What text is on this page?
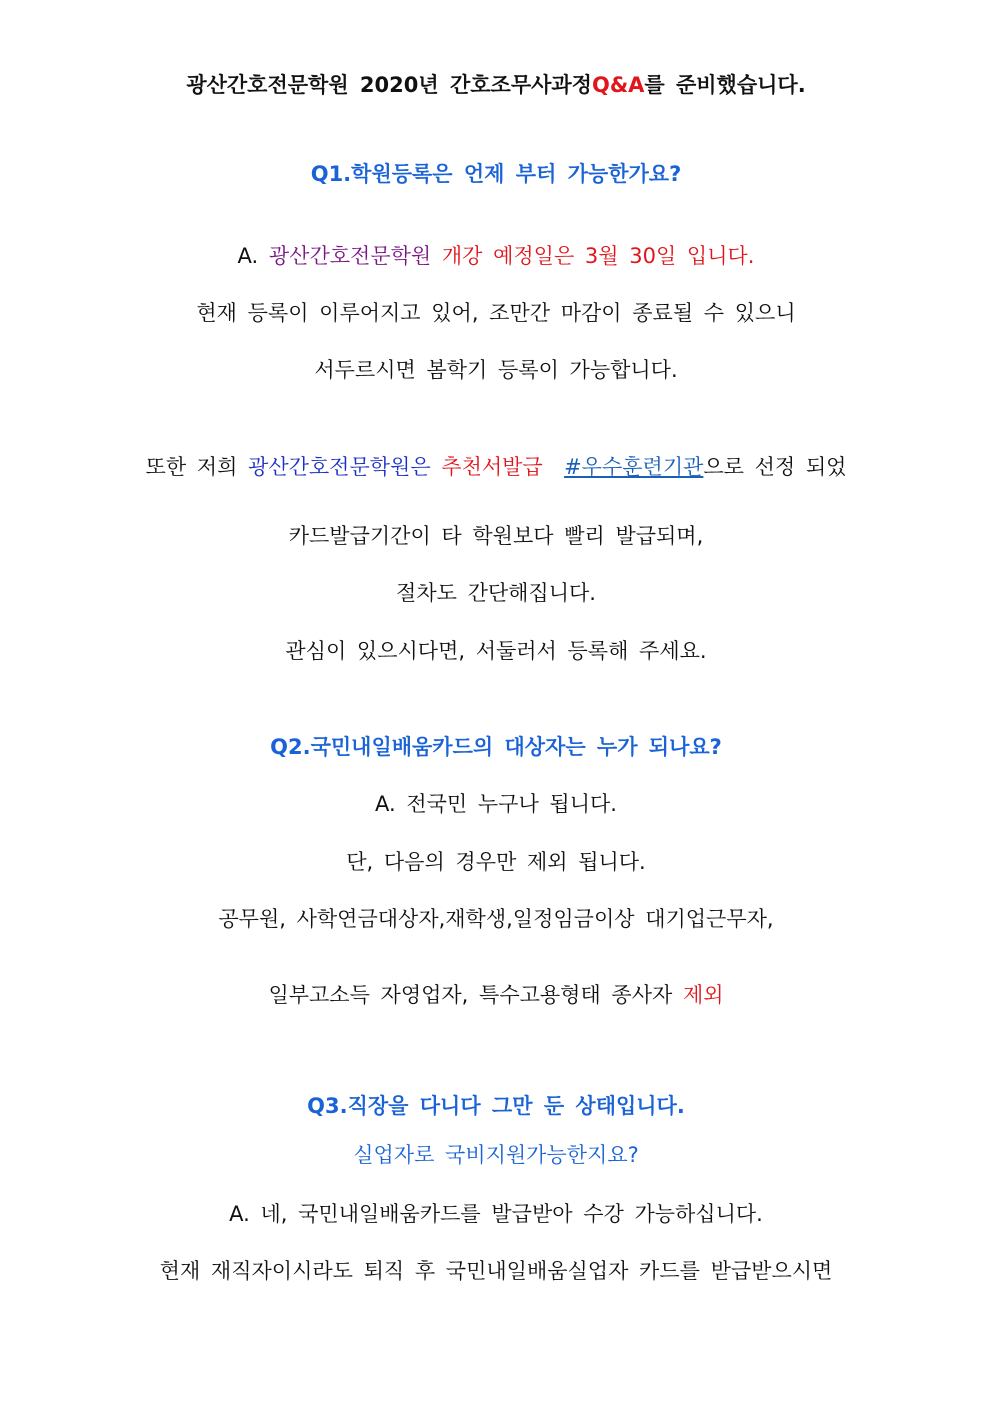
광산간호전문학원 2020년 간호조무사과정Q&A를 준비했습니다.
Q1.학원등록은 언제 부터 가능한가요?
A. 광산간호전문학원 개강 예정일은 3월 30일 입니다.
현재 등록이 이루어지고 있어, 조만간 마감이 종료될 수 있으니
서두르시면 봄학기 등록이 가능합니다.
또한 저희 광산간호전문학원은 추천서발급 #우수훈련기관으로 선정 되었
카드발급기간이 타 학원보다 빨리 발급되며,
절차도 간단해집니다.
관심이 있으시다면, 서둘러서 등록해 주세요.
Q2.국민내일배움카드의 대상자는 누가 되나요?
A. 전국민 누구나 됩니다.
단, 다음의 경우만 제외 됩니다.
공무원, 사학연금대상자,재학생,일정임금이상 대기업근무자,
일부고소득 자영업자, 특수고용형태 종사자 제외
Q3.직장을 다니다 그만 둔 상태입니다.
실업자로 국비지원가능한지요?
A. 네, 국민내일배움카드를 발급받아 수강 가능하십니다.
현재 재직자이시라도 퇴직 후 국민내일배움실업자 카드를 받급받으시면
